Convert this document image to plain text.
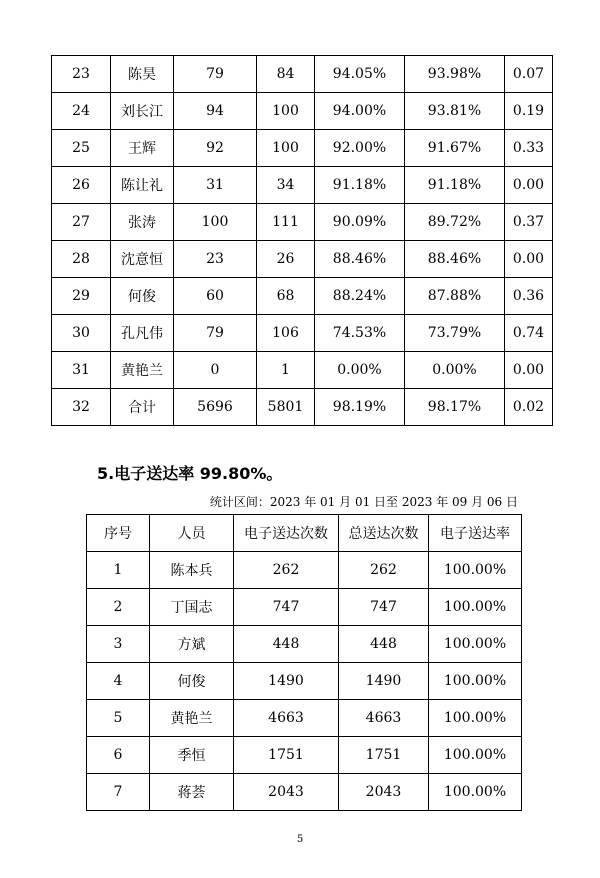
23	陈昊	79	84	94.05%	93.98%	0.07
24	刘长江	94	100	94.00%	93.81%	0.19
25	王辉	92	100	92.00%	91.67%	0.33
26	陈让礼	31	34	91.18%	91.18%	0.00
27	张涛	100	111	90.09%	89.72%	0.37
28	沈意恒	23	26	88.46%	88.46%	0.00
29	何俊	60	68	88.24%	87.88%	0.36
30	孔凡伟	79	106	74.53%	73.79%	0.74
31	黄艳兰	0	1	0.00%	0.00%	0.00
32	合计	5696	5801	98.19%	98.17%	0.02
5.电子送达率 99.80%。
统计区间：2023 年 01 月 01 日至 2023 年 09 月 06 日
序号	人员	电子送达次数	总送达次数	电子送达率
1	陈本兵	262	262	100.00%
2	丁国志	747	747	100.00%
3	方斌	448	448	100.00%
4	何俊	1490	1490	100.00%
5	黄艳兰	4663	4663	100.00%
6	季恒	1751	1751	100.00%
7	蒋荟	2043	2043	100.00%
5
